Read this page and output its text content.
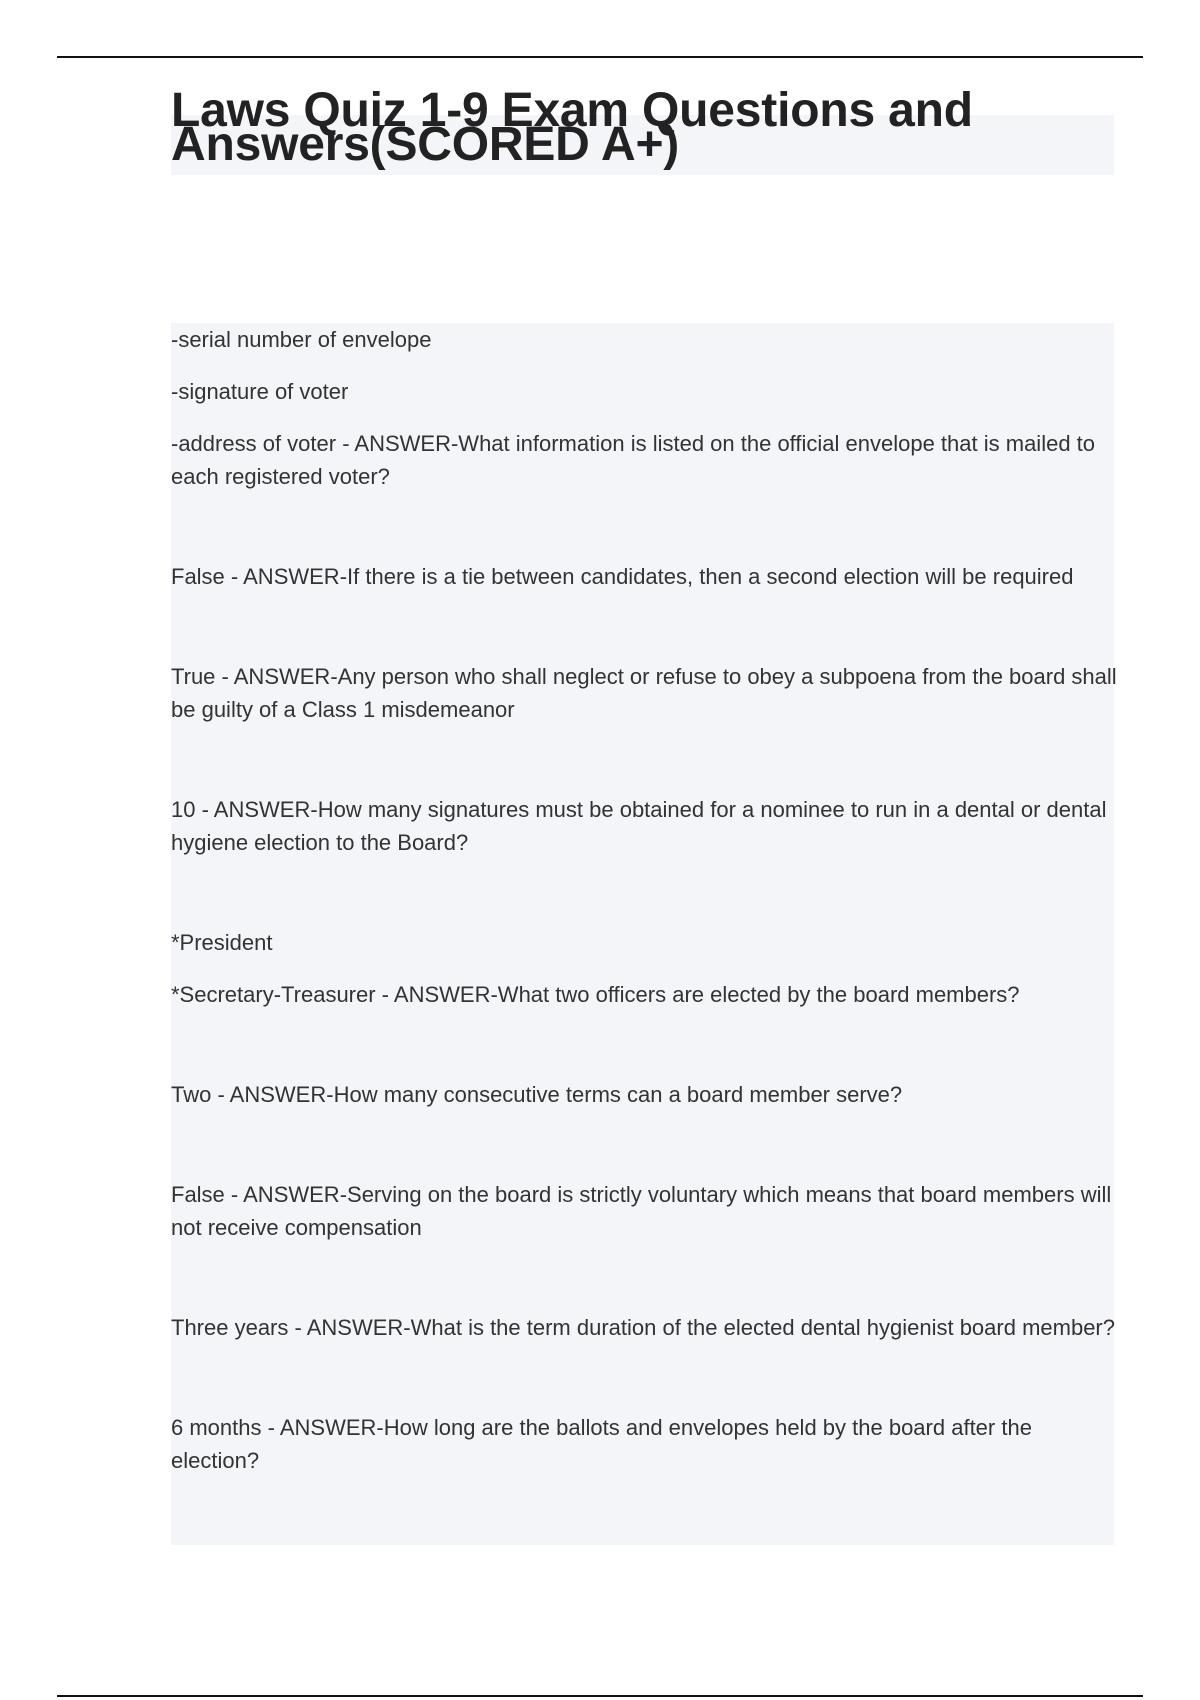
Laws Quiz 1-9 Exam Questions and Answers(SCORED A+)

-serial number of envelope

-signature of voter

-address of voter - ANSWER-What information is listed on the official envelope that is mailed to each registered voter?

False - ANSWER-If there is a tie between candidates, then a second election will be required

True - ANSWER-Any person who shall neglect or refuse to obey a subpoena from the board shall be guilty of a Class 1 misdemeanor

10 - ANSWER-How many signatures must be obtained for a nominee to run in a dental or dental hygiene election to the Board?

*President

*Secretary-Treasurer - ANSWER-What two officers are elected by the board members?

Two - ANSWER-How many consecutive terms can a board member serve?

False - ANSWER-Serving on the board is strictly voluntary which means that board members will not receive compensation

Three years - ANSWER-What is the term duration of the elected dental hygienist board member?

6 months - ANSWER-How long are the ballots and envelopes held by the board after the election?
